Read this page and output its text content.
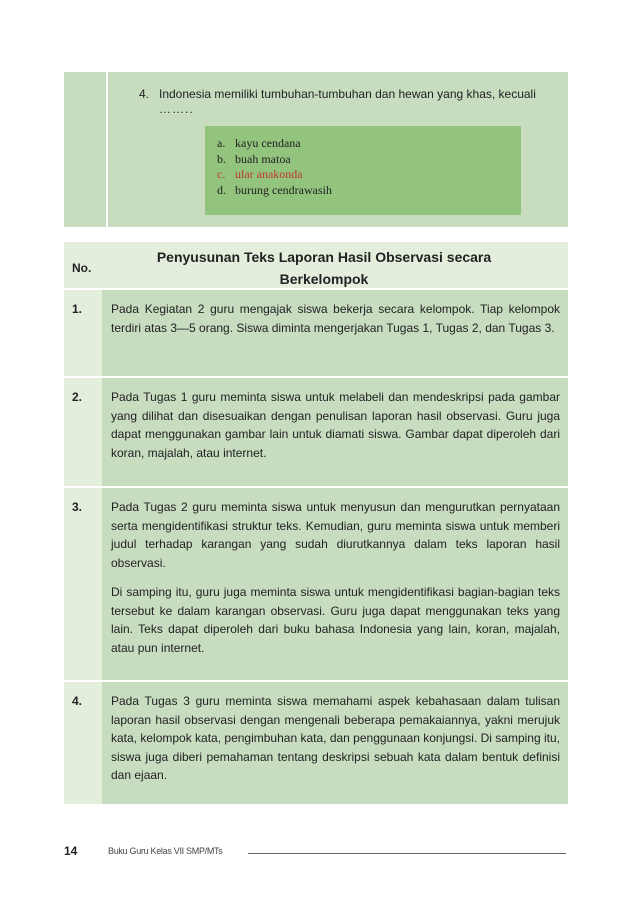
4. Indonesia memiliki tumbuhan-tumbuhan dan hewan yang khas, kecuali
……..
a. kayu cendana
b. buah matoa
c. ular anakonda
d. burung cendrawasih
No.
Penyusunan Teks Laporan Hasil Observasi secara Berkelompok
1. Pada Kegiatan 2 guru mengajak siswa bekerja secara kelompok. Tiap kelompok terdiri atas 3—5 orang. Siswa diminta mengerjakan Tugas 1, Tugas 2, dan Tugas 3.

2. Pada Tugas 1 guru meminta siswa untuk melabeli dan mendeskripsi pada gambar yang dilihat dan disesuaikan dengan penulisan laporan hasil observasi. Guru juga dapat menggunakan gambar lain untuk diamati siswa. Gambar dapat diperoleh dari koran, majalah, atau internet.

3. Pada Tugas 2 guru meminta siswa untuk menyusun dan mengurutkan pernyataan serta mengidentifikasi struktur teks. Kemudian, guru meminta siswa untuk memberi judul terhadap karangan yang sudah diurutkannya dalam teks laporan hasil observasi.

Di samping itu, guru juga meminta siswa untuk mengidentifikasi bagian-bagian teks tersebut ke dalam karangan observasi. Guru juga dapat menggunakan teks yang lain. Teks dapat diperoleh dari buku bahasa Indonesia yang lain, koran, majalah, atau pun internet.

4. Pada Tugas 3 guru meminta siswa memahami aspek kebahasaan dalam tulisan laporan hasil observasi dengan mengenali beberapa pemakaiannya, yakni merujuk kata, kelompok kata, pengimbuhan kata, dan penggunaan konjungsi. Di samping itu, siswa juga diberi pemahaman tentang deskripsi sebuah kata dalam bentuk definisi dan ejaan.

14	Buku Guru Kelas VII SMP/MTs
